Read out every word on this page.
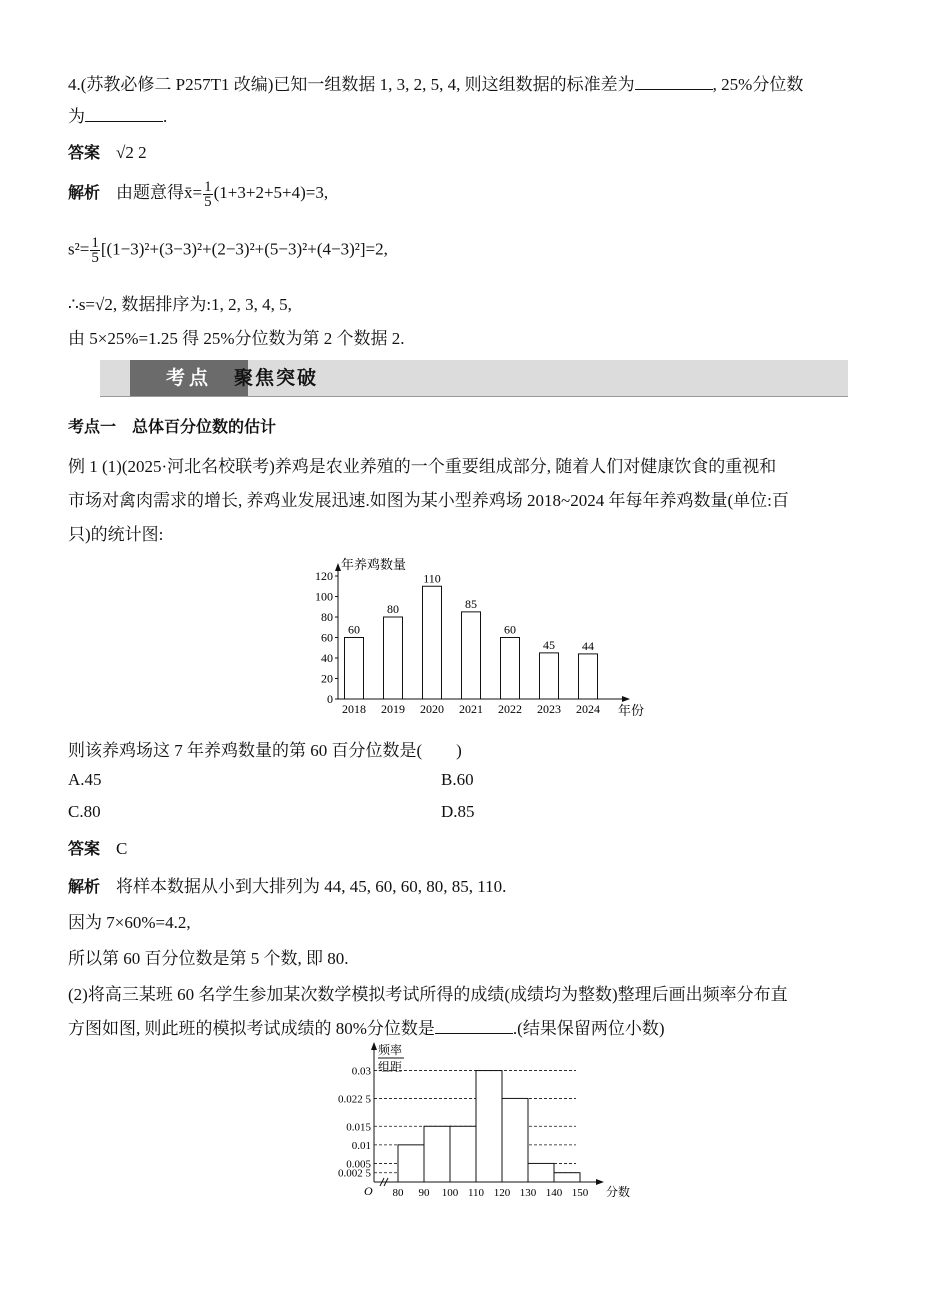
4.(苏教必修二 P257T1 改编)已知一组数据 1, 3, 2, 5, 4, 则这组数据的标准差为	, 25%分位数
为	.
答案 √2 2
解析 由题意得x̄= $\frac{1}{5} (1+3+2+5+4)=3$,
$s^2= \frac{1}{5} [(1-3)^2+(3-3)^2+(2-3)^2+(5-3)^2+(4-3)^2]=2$,
∴s=√2, 数据排序为:1, 2, 3, 4, 5,
由 5×25%=1.25 得 25%分位数为第 2 个数据 2.
考点	聚焦突破
考点一　总体百分位数的估计
例 1 (1)(2025·河北名校联考)养鸡是农业养殖的一个重要组成部分, 随着人们对健康饮食的重视和
市场对禽肉需求的增长, 养鸡业发展迅速.如图为某小型养鸡场 2018~2024 年每年养鸡数量(单位:百
只)的统计图:
年养鸡数量
年份
0
20
40
60
80
100
120
60
2018
80
2019
110
2020
85
2021
60
2022
45
2023
44
2024
则该养鸡场这 7 年养鸡数量的第 60 百分位数是(　　)
A.45	B.60
C.80	D.85
答案 C
解析 将样本数据从小到大排列为 44, 45, 60, 60, 80, 85, 110.
因为 7×60%=4.2,
所以第 60 百分位数是第 5 个数, 即 80.
(2)将高三某班 60 名学生参加某次数学模拟考试所得的成绩(成绩均为整数)整理后画出频率分布直
方图如图, 则此班的模拟考试成绩的 80%分位数是	.(结果保留两位小数)
频率
组距
分数
O
0.03
0.022 5
0.015
0.01
0.005
0.002 5
80 90 100 110 120 130 140 150
